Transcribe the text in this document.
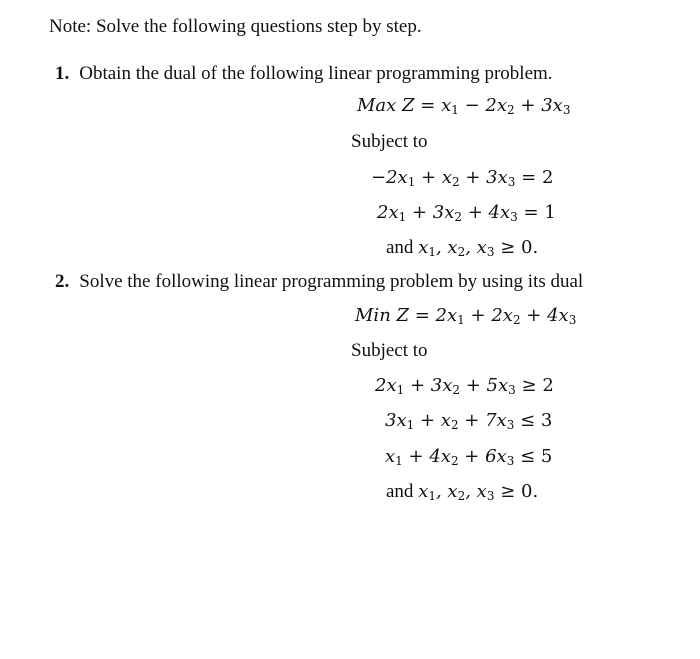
Note: Solve the following questions step by step.
1. Obtain the dual of the following linear programming problem.
Max $Z = x_1 - 2x_2 + 3x_3$
Subject to
$-2x_1 + x_2 + 3x_3 = 2$
$2x_1 + 3x_2 + 4x_3 = 1$
and $x_1$, $x_2$, $x_3 \ge 0$.
2. Solve the following linear programming problem by using its dual
Min $Z = 2x_1 + 2x_2 + 4x_3$
Subject to
$2x_1 + 3x_2 + 5x_3 \ge 2$
$3x_1 + x_2 + 7x_3 \le 3$
$x_1 + 4x_2 + 6x_3 \le 5$
and $x_1$, $x_2$, $x_3 \ge 0$.
